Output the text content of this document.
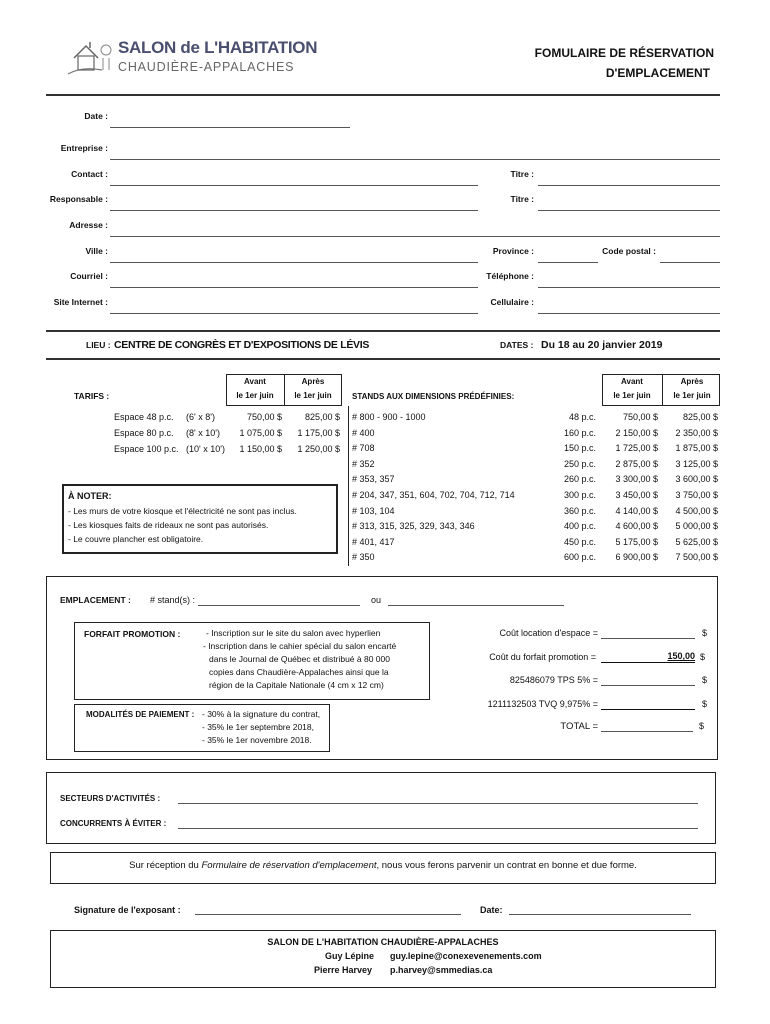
SALON de L'HABITATION
CHAUDIÈRE-APPALACHES
FOMULAIRE DE RÉSERVATION
D'EMPLACEMENT
Date :
Entreprise :
Contact :	Titre :
Responsable :	Titre :
Adresse :
Ville :	Province :	Code postal :
Courriel :	Téléphone :
Site Internet :	Cellulaire :
LIEU : CENTRE DE CONGRÈS ET D'EXPOSITIONS DE LÉVIS	DATES : Du 18 au 20 janvier 2019
TARIFS :
Avant
le 1er juin
Après
le 1er juin
Espace 48 p.c.	(6' x 8')	750,00 $	825,00 $
Espace 80 p.c.	(8' x 10')	1 075,00 $	1 175,00 $
Espace 100 p.c. (10' x 10')	1 150,00 $	1 250,00 $
À NOTER:
- Les murs de votre kiosque et l'électricité ne sont pas inclus.
- Les kiosques faits de rideaux ne sont pas autorisés.
- Le couvre plancher est obligatoire.
STANDS AUX DIMENSIONS PRÉDÉFINIES:
Avant
le 1er juin
Après
le 1er juin
# 800 - 900 - 1000	48 p.c.	750,00 $	825,00 $
# 400	160 p.c.	2 150,00 $	2 350,00 $
# 708	150 p.c.	1 725,00 $	1 875,00 $
# 352	250 p.c.	2 875,00 $	3 125,00 $
# 353, 357	260 p.c.	3 300,00 $	3 600,00 $
# 204, 347, 351, 604, 702, 704, 712, 714	300 p.c.	3 450,00 $	3 750,00 $
# 103, 104	360 p.c.	4 140,00 $	4 500,00 $
# 313, 315, 325, 329, 343, 346	400 p.c.	4 600,00 $	5 000,00 $
# 401, 417	450 p.c.	5 175,00 $	5 625,00 $
# 350	600 p.c.	6 900,00 $	7 500,00 $
EMPLACEMENT : # stand(s) :	ou
FORFAIT PROMOTION :	- Inscription sur le site du salon avec hyperlien
- Inscription dans le cahier spécial du salon encarté
dans le Journal de Québec et distribué à 80 000
copies dans Chaudière-Appalaches ainsi que la
région de la Capitale Nationale (4 cm x 12 cm)
MODALITÉS DE PAIEMENT : - 30% à la signature du contrat,
- 35% le 1er septembre 2018,
- 35% le 1er novembre 2018.
Coût location d'espace =	$
Coût du forfait promotion =	150,00 $
825486079 TPS 5% =	$
1211132503 TVQ 9,975% =	$
TOTAL =	$
SECTEURS D'ACTIVITÉS :
CONCURRENTS À ÉVITER :
Sur réception du Formulaire de réservation d'emplacement, nous vous ferons parvenir un contrat en bonne et due forme.
Signature de l'exposant :	Date:
SALON DE L'HABITATION CHAUDIÈRE-APPALACHES
Guy Lépine guy.lepine@conexevenements.com
Pierre Harvey p.harvey@smmedias.ca
